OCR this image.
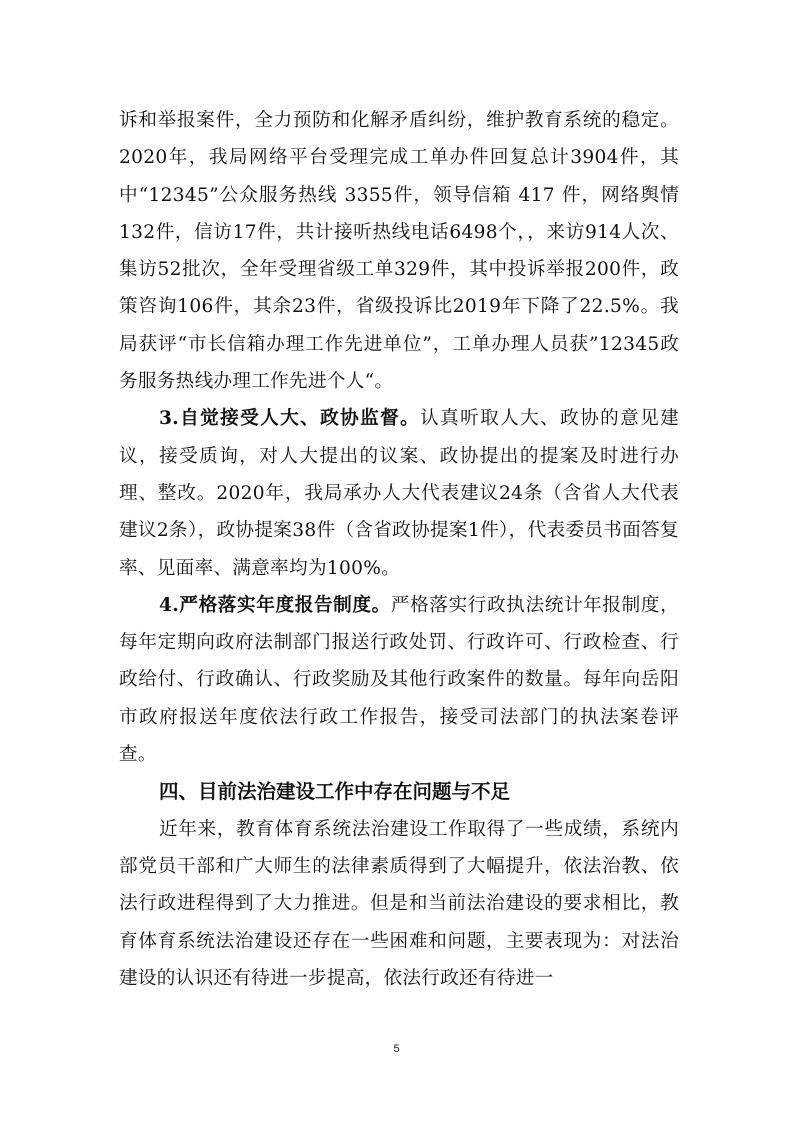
诉和举报案件，全力预防和化解矛盾纠纷，维护教育系统的稳定。2020年，我局网络平台受理完成工单办件回复总计3904件，其中“12345”公众服务热线 3355件，领导信箱 417 件，网络舆情132件，信访17件，共计接听热线电话6498个，，来访914人次、集访52批次，全年受理省级工单329件，其中投诉举报200件，政策咨询106件，其余23件，省级投诉比2019年下降了22.5%。我局获评“市长信箱办理工作先进单位”，工单办理人员获”12345政务服务热线办理工作先进个人“。

3.自觉接受人大、政协监督。认真听取人大、政协的意见建议，接受质询，对人大提出的议案、政协提出的提案及时进行办理、整改。2020年，我局承办人大代表建议24条（含省人大代表建议2条），政协提案38件（含省政协提案1件），代表委员书面答复率、见面率、满意率均为100%。

4.严格落实年度报告制度。严格落实行政执法统计年报制度，每年定期向政府法制部门报送行政处罚、行政许可、行政检查、行政给付、行政确认、行政奖励及其他行政案件的数量。每年向岳阳市政府报送年度依法行政工作报告，接受司法部门的执法案卷评查。

四、目前法治建设工作中存在问题与不足

近年来，教育体育系统法治建设工作取得了一些成绩，系统内部党员干部和广大师生的法律素质得到了大幅提升，依法治教、依法行政进程得到了大力推进。但是和当前法治建设的要求相比，教育体育系统法治建设还存在一些困难和问题，主要表现为：对法治建设的认识还有待进一步提高，依法行政还有待进一

5
